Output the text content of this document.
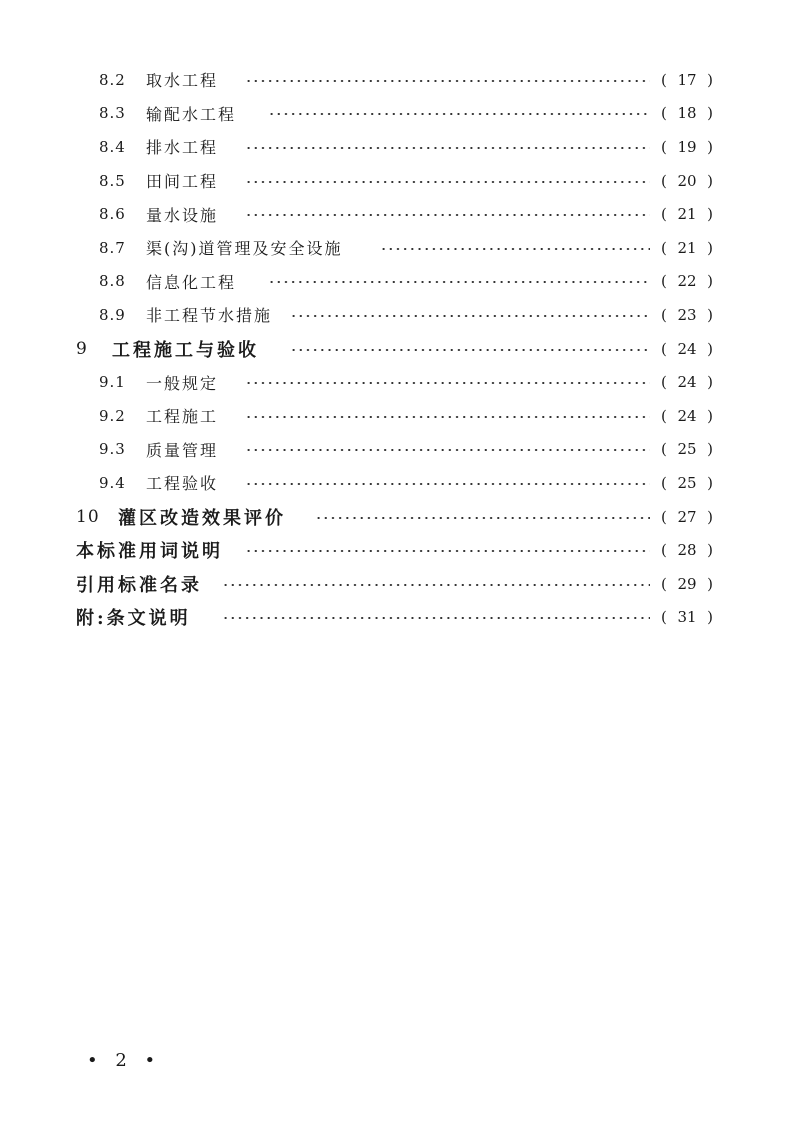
8.2 取水工程	( 17 )
8.3 输配水工程	( 18 )
8.4 排水工程	( 19 )
8.5 田间工程	( 20 )
8.6 量水设施	( 21 )
8.7 渠(沟)道管理及安全设施	( 21 )
8.8 信息化工程	( 22 )
8.9 非工程节水措施	( 23 )
9 工程施工与验收	( 24 )
9.1 一般规定	( 24 )
9.2 工程施工	( 24 )
9.3 质量管理	( 25 )
9.4 工程验收	( 25 )
10 灌区改造效果评价	( 27 )
本标准用词说明	( 28 )
引用标准名录	( 29 )
附:条文说明	( 31 )
• 2 •
